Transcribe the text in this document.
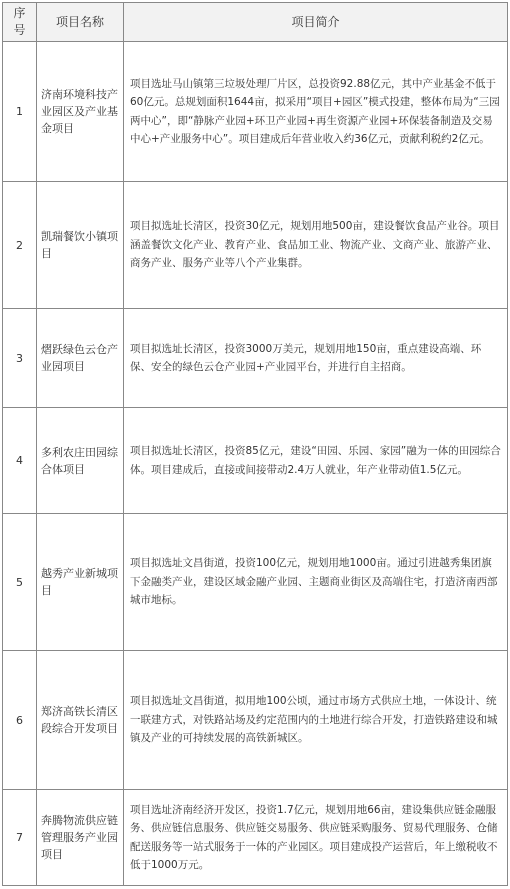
序号	项目名称	项目简介
1	济南环境科技产业园区及产业基金项目	项目选址马山镇第三垃圾处理厂片区，总投资92.88亿元，其中产业基金不低于60亿元。总规划面积1644亩，拟采用“项目+园区”模式投建，整体布局为“三园两中心”，即“静脉产业园+环卫产业园+再生资源产业园+环保装备制造及交易中心+产业服务中心”。项目建成后年营业收入约36亿元，贡献利税约2亿元。
2	凯瑞餐饮小镇项目	项目拟选址长清区，投资30亿元，规划用地500亩，建设餐饮食品产业谷。项目涵盖餐饮文化产业、教育产业、食品加工业、物流产业、文商产业、旅游产业、商务产业、服务产业等八个产业集群。
3	熠跃绿色云仓产业园项目	项目拟选址长清区，投资3000万美元，规划用地150亩，重点建设高端、环保、安全的绿色云仓产业园+产业园平台，并进行自主招商。
4	多利农庄田园综合体项目	项目拟选址长清区，投资85亿元，建设“田园、乐园、家园”融为一体的田园综合体。项目建成后，直接或间接带动2.4万人就业，年产业带动值1.5亿元。
5	越秀产业新城项目	项目拟选址文昌街道，投资100亿元，规划用地1000亩。通过引进越秀集团旗下金融类产业，建设区域金融产业园、主题商业街区及高端住宅，打造济南西部城市地标。
6	郑济高铁长清区段综合开发项目	项目拟选址文昌街道，拟用地100公顷，通过市场方式供应土地，一体设计、统一联建方式，对铁路站场及约定范围内的土地进行综合开发，打造铁路建设和城镇及产业的可持续发展的高铁新城区。
7	奔腾物流供应链管理服务产业园项目	项目选址济南经济开发区，投资1.7亿元，规划用地66亩，建设集供应链金融服务、供应链信息服务、供应链交易服务、供应链采购服务、贸易代理服务、仓储配送服务等一站式服务于一体的产业园区。项目建成投产运营后，年上缴税收不低于1000万元。
